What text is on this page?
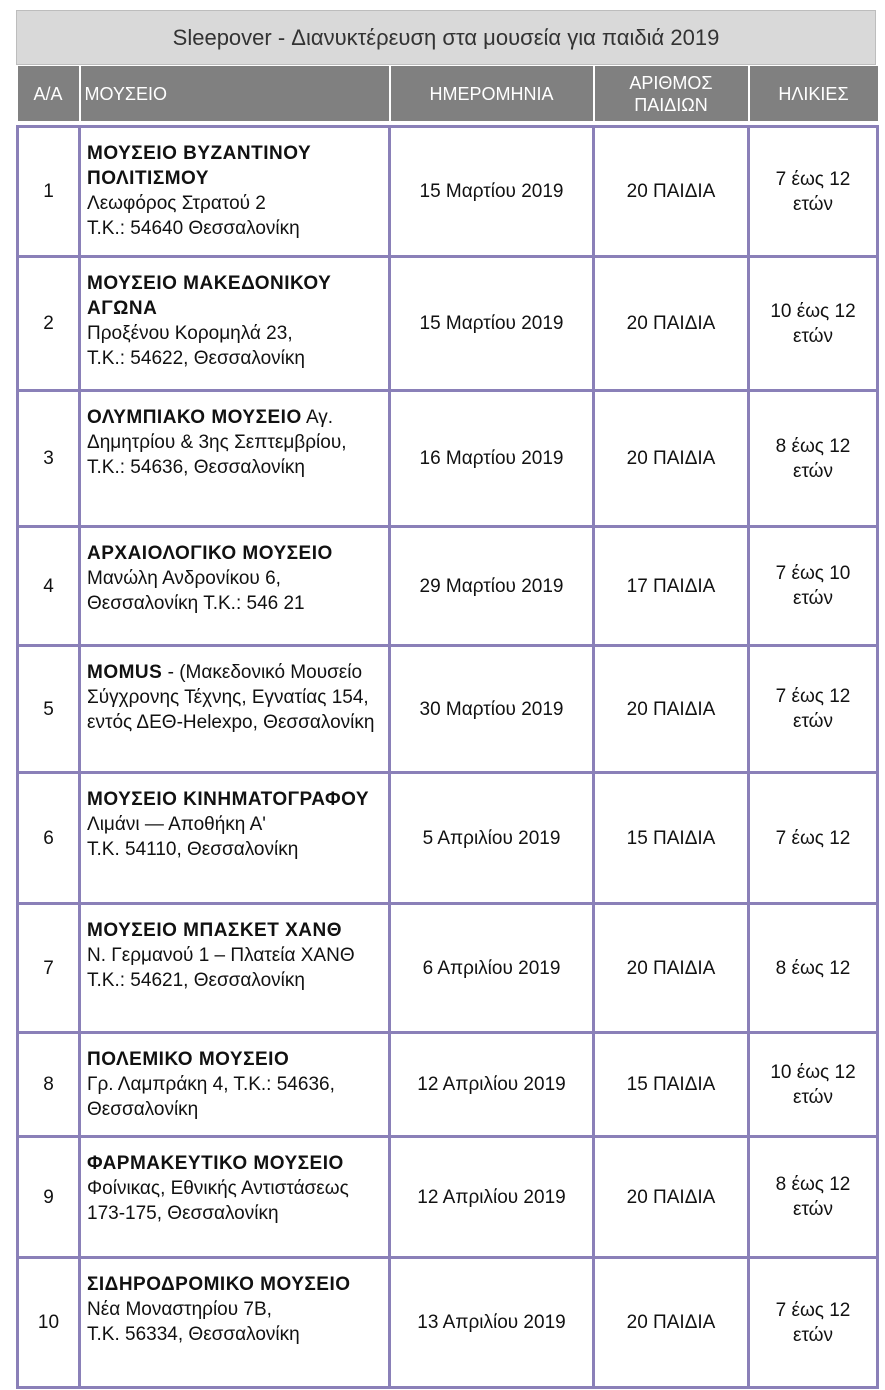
Sleepover - Διανυκτέρευση στα μουσεία για παιδιά 2019
Α/Α	ΜΟΥΣΕΙΟ	ΗΜΕΡΟΜΗΝΙΑ	ΑΡΙΘΜΟΣ
ΠΑΙΔΙΩΝ	ΗΛΙΚΙΕΣ

1	ΜΟΥΣΕΙΟ ΒΥΖΑΝΤΙΝΟΥ ΠΟΛΙΤΙΣΜΟΥ
Λεωφόρος Στρατού 2
Τ.Κ.: 54640 Θεσσαλονίκη	15 Μαρτίου 2019	20 ΠΑΙΔΙΑ	7 έως 12 ετών
2	ΜΟΥΣΕΙΟ ΜΑΚΕΔΟΝΙΚΟΥ ΑΓΩΝΑ
Προξένου Κορομηλά 23,
Τ.Κ.: 54622, Θεσσαλονίκη	15 Μαρτίου 2019	20 ΠΑΙΔΙΑ	10 έως 12 ετών
3	ΟΛΥΜΠΙΑΚΟ ΜΟΥΣΕΙΟ Αγ. Δημητρίου & 3ης Σεπτεμβρίου,
Τ.Κ.: 54636, Θεσσαλονίκη	16 Μαρτίου 2019	20 ΠΑΙΔΙΑ	8 έως 12 ετών
4	ΑΡΧΑΙΟΛΟΓΙΚΟ ΜΟΥΣΕΙΟ
Μανώλη Ανδρονίκου 6,
Θεσσαλονίκη Τ.Κ.: 546 21	29 Μαρτίου 2019	17 ΠΑΙΔΙΑ	7 έως 10 ετών
5	MOMUS - (Μακεδονικό Μουσείο Σύγχρονης Τέχνης, Εγνατίας 154, εντός ΔΕΘ-Helexpo, Θεσσαλονίκη	30 Μαρτίου 2019	20 ΠΑΙΔΙΑ	7 έως 12 ετών
6	ΜΟΥΣΕΙΟ ΚΙΝΗΜΑΤΟΓΡΑΦΟΥ Λιμάνι — Αποθήκη Α'
Τ.Κ. 54110, Θεσσαλονίκη	5 Απριλίου 2019	15 ΠΑΙΔΙΑ	7 έως 12
7	ΜΟΥΣΕΙΟ ΜΠΑΣΚΕΤ ΧΑΝΘ
Ν. Γερμανού 1 – Πλατεία ΧΑΝΘ Τ.Κ.: 54621, Θεσσαλονίκη	6 Απριλίου 2019	20 ΠΑΙΔΙΑ	8 έως 12
8	ΠΟΛΕΜΙΚΟ ΜΟΥΣΕΙΟ
Γρ. Λαμπράκη 4, Τ.Κ.: 54636, Θεσσαλονίκη	12 Απριλίου 2019	15 ΠΑΙΔΙΑ	10 έως 12 ετών
9	ΦΑΡΜΑΚΕΥΤΙΚΟ ΜΟΥΣΕΙΟ
Φοίνικας, Εθνικής Αντιστάσεως 173-175, Θεσσαλονίκη	12 Απριλίου 2019	20 ΠΑΙΔΙΑ	8 έως 12 ετών
10	ΣΙΔΗΡΟΔΡΟΜΙΚΟ ΜΟΥΣΕΙΟ
Νέα Μοναστηρίου 7Β,
Τ.Κ. 56334, Θεσσαλονίκη	13 Απριλίου 2019	20 ΠΑΙΔΙΑ	7 έως 12 ετών
